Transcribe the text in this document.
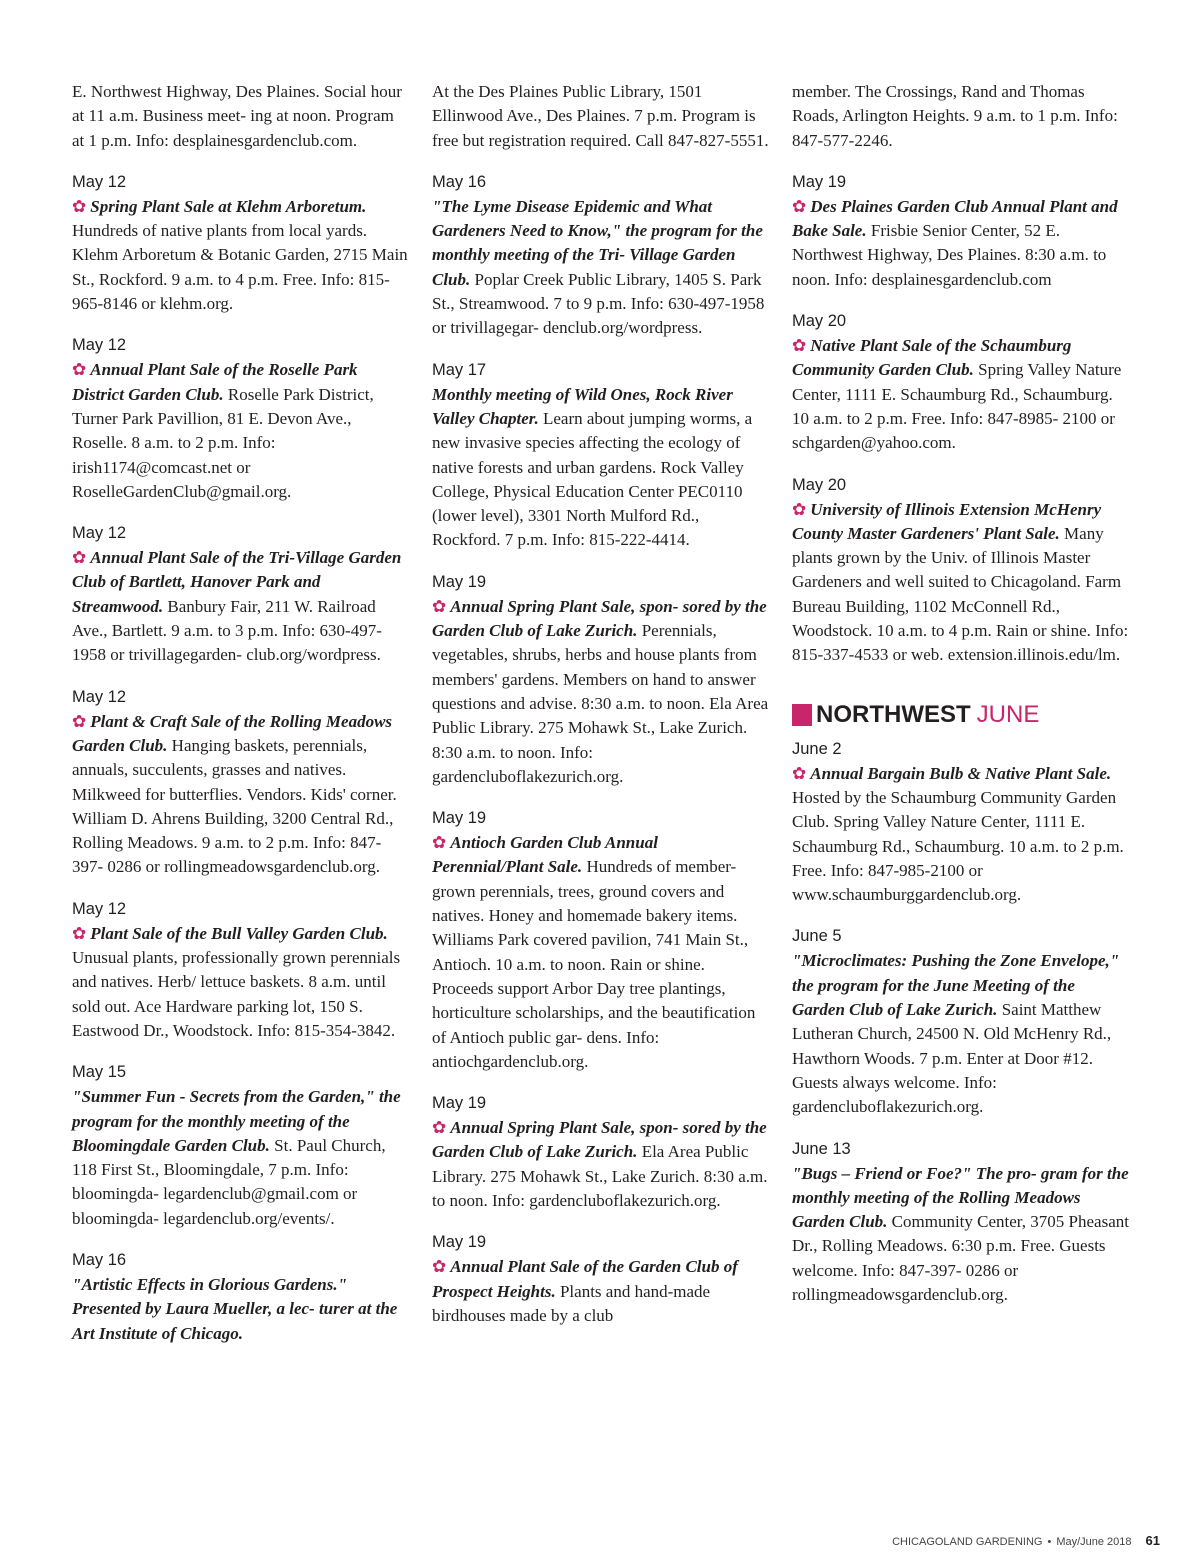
E. Northwest Highway, Des Plaines. Social hour at 11 a.m. Business meet- ing at noon. Program at 1 p.m. Info: desplainesgardenclub.com.
May 12
✿ Spring Plant Sale at Klehm Arboretum. Hundreds of native plants from local yards. Klehm Arboretum & Botanic Garden, 2715 Main St., Rockford. 9 a.m. to 4 p.m. Free. Info: 815-965-8146 or klehm.org.
May 12
✿ Annual Plant Sale of the Roselle Park District Garden Club. Roselle Park District, Turner Park Pavillion, 81 E. Devon Ave., Roselle. 8 a.m. to 2 p.m. Info: irish1174@comcast.net or RoselleGardenClub@gmail.org.
May 12
✿ Annual Plant Sale of the Tri-Village Garden Club of Bartlett, Hanover Park and Streamwood. Banbury Fair, 211 W. Railroad Ave., Bartlett. 9 a.m. to 3 p.m. Info: 630-497-1958 or trivillagegarden- club.org/wordpress.
May 12
✿ Plant & Craft Sale of the Rolling Meadows Garden Club. Hanging baskets, perennials, annuals, succulents, grasses and natives. Milkweed for butterflies. Vendors. Kids' corner. William D. Ahrens Building, 3200 Central Rd., Rolling Meadows. 9 a.m. to 2 p.m. Info: 847-397- 0286 or rollingmeadowsgardenclub.org.
May 12
✿ Plant Sale of the Bull Valley Garden Club. Unusual plants, professionally grown perennials and natives. Herb/ lettuce baskets. 8 a.m. until sold out. Ace Hardware parking lot, 150 S. Eastwood Dr., Woodstock. Info: 815-354-3842.
May 15
"Summer Fun - Secrets from the Garden," the program for the monthly meeting of the Bloomingdale Garden Club. St. Paul Church, 118 First St., Bloomingdale, 7 p.m. Info: bloomingda- legardenclub@gmail.com or bloomingda- legardenclub.org/events/.
May 16
"Artistic Effects in Glorious Gardens." Presented by Laura Mueller, a lec- turer at the Art Institute of Chicago.
At the Des Plaines Public Library, 1501 Ellinwood Ave., Des Plaines. 7 p.m. Program is free but registration required. Call 847-827-5551.
May 16
"The Lyme Disease Epidemic and What Gardeners Need to Know," the program for the monthly meeting of the Tri- Village Garden Club. Poplar Creek Public Library, 1405 S. Park St., Streamwood. 7 to 9 p.m. Info: 630-497-1958 or trivillagegar- denclub.org/wordpress.
May 17
Monthly meeting of Wild Ones, Rock River Valley Chapter. Learn about jumping worms, a new invasive species affecting the ecology of native forests and urban gardens. Rock Valley College, Physical Education Center PEC0110 (lower level), 3301 North Mulford Rd., Rockford. 7 p.m. Info: 815-222-4414.
May 19
✿ Annual Spring Plant Sale, spon- sored by the Garden Club of Lake Zurich. Perennials, vegetables, shrubs, herbs and house plants from members' gardens. Members on hand to answer questions and advise. 8:30 a.m. to noon. Ela Area Public Library. 275 Mohawk St., Lake Zurich. 8:30 a.m. to noon. Info: gardencluboflakezurich.org.
May 19
✿ Antioch Garden Club Annual Perennial/Plant Sale. Hundreds of member-grown perennials, trees, ground covers and natives. Honey and homemade bakery items. Williams Park covered pavilion, 741 Main St., Antioch. 10 a.m. to noon. Rain or shine. Proceeds support Arbor Day tree plantings, horticulture scholarships, and the beautification of Antioch public gar- dens. Info: antiochgardenclub.org.
May 19
✿ Annual Spring Plant Sale, spon- sored by the Garden Club of Lake Zurich. Ela Area Public Library. 275 Mohawk St., Lake Zurich. 8:30 a.m. to noon. Info: gardencluboflakezurich.org.
May 19
✿ Annual Plant Sale of the Garden Club of Prospect Heights. Plants and hand-made birdhouses made by a club
member. The Crossings, Rand and Thomas Roads, Arlington Heights. 9 a.m. to 1 p.m. Info: 847-577-2246.
May 19
✿ Des Plaines Garden Club Annual Plant and Bake Sale. Frisbie Senior Center, 52 E. Northwest Highway, Des Plaines. 8:30 a.m. to noon. Info: desplainesgardenclub.com
May 20
✿ Native Plant Sale of the Schaumburg Community Garden Club. Spring Valley Nature Center, 1111 E. Schaumburg Rd., Schaumburg. 10 a.m. to 2 p.m. Free. Info: 847-8985- 2100 or schgarden@yahoo.com.
May 20
✿ University of Illinois Extension McHenry County Master Gardeners' Plant Sale. Many plants grown by the Univ. of Illinois Master Gardeners and well suited to Chicagoland. Farm Bureau Building, 1102 McConnell Rd., Woodstock. 10 a.m. to 4 p.m. Rain or shine. Info: 815-337-4533 or web. extension.illinois.edu/lm.
NORTHWEST JUNE
June 2
✿ Annual Bargain Bulb & Native Plant Sale. Hosted by the Schaumburg Community Garden Club. Spring Valley Nature Center, 1111 E. Schaumburg Rd., Schaumburg. 10 a.m. to 2 p.m. Free. Info: 847-985-2100 or www.schaumburggardenclub.org.
June 5
"Microclimates: Pushing the Zone Envelope," the program for the June Meeting of the Garden Club of Lake Zurich. Saint Matthew Lutheran Church, 24500 N. Old McHenry Rd., Hawthorn Woods. 7 p.m. Enter at Door #12. Guests always welcome. Info: gardencluboflakezurich.org.
June 13
"Bugs – Friend or Foe?" The pro- gram for the monthly meeting of the Rolling Meadows Garden Club. Community Center, 3705 Pheasant Dr., Rolling Meadows. 6:30 p.m. Free. Guests welcome. Info: 847-397- 0286 or rollingmeadowsgardenclub.org.
CHICAGOLAND GARDENING • May/June 2018 61
